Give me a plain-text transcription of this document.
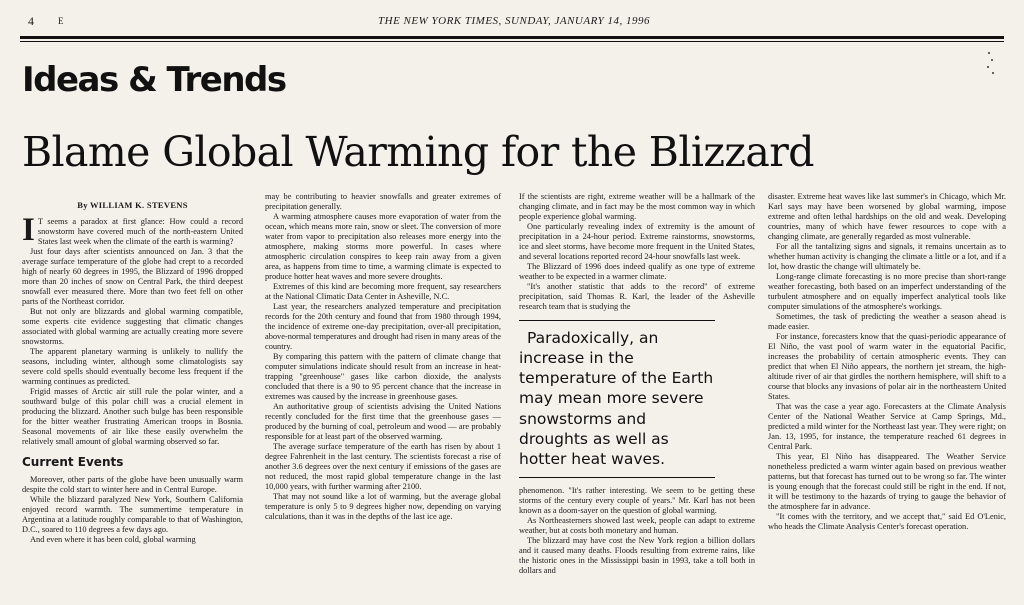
4	E	THE NEW YORK TIMES, SUNDAY, JANUARY 14, 1996
Ideas & Trends
Blame Global Warming for the Blizzard
By WILLIAM K. STEVENS

I T seems a paradox at first glance: How could a record snowstorm have covered much of the north-eastern United States last week when the climate of the earth is warming?

Just four days after scientists announced on Jan. 3 that the average surface temperature of the globe had crept to a recorded high of nearly 60 degrees in 1995, the Blizzard of 1996 dropped more than 20 inches of snow on Central Park, the third deepest snowfall ever measured there. More than two feet fell on other parts of the Northeast corridor.

But not only are blizzards and global warming compatible, some experts cite evidence suggesting that climatic changes associated with global warming are actually creating more severe snowstorms.

The apparent planetary warming is unlikely to nullify the seasons, including winter, although some climatologists say severe cold spells should eventually become less frequent if the warming continues as predicted.

Frigid masses of Arctic air still rule the polar winter, and a southward bulge of this polar chill was a crucial element in producing the blizzard. Another such bulge has been responsible for the bitter weather frustrating American troops in Bosnia. Seasonal movements of air like these easily overwhelm the relatively small amount of global warming observed so far.

Current Events

Moreover, other parts of the globe have been unusually warm despite the cold start to winter here and in Central Europe.

While the blizzard paralyzed New York, Southern California enjoyed record warmth. The summertime temperature in Argentina at a latitude roughly comparable to that of Washington, D.C., soared to 110 degrees a few days ago.

And even where it has been cold, global warming

may be contributing to heavier snowfalls and greater extremes of precipitation generally.

A warming atmosphere causes more evaporation of water from the ocean, which means more rain, snow or sleet. The conversion of more water from vapor to precipitation also releases more energy into the atmosphere, making storms more powerful. In cases where atmospheric circulation conspires to keep rain away from a given area, as happens from time to time, a warming climate is expected to produce hotter heat waves and more severe droughts.

Extremes of this kind are becoming more frequent, say researchers at the National Climatic Data Center in Asheville, N.C.

Last year, the researchers analyzed temperature and precipitation records for the 20th century and found that from 1980 through 1994, the incidence of extreme one-day precipitation, over-all precipitation, above-normal temperatures and drought had risen in many areas of the country.

By comparing this pattern with the pattern of climate change that computer simulations indicate should result from an increase in heat-trapping "greenhouse" gases like carbon dioxide, the analysts concluded that there is a 90 to 95 percent chance that the increase in extremes was caused by the increase in greenhouse gases.

An authoritative group of scientists advising the United Nations recently concluded for the first time that the greenhouse gases — produced by the burning of coal, petroleum and wood — are probably responsible for at least part of the observed warming.

The average surface temperature of the earth has risen by about 1 degree Fahrenheit in the last century. The scientists forecast a rise of another 3.6 degrees over the next century if emissions of the gases are not reduced, the most rapid global temperature change in the last 10,000 years, with further warming after 2100.

That may not sound like a lot of warming, but the average global temperature is only 5 to 9 degrees higher now, depending on varying calculations, than it was in the depths of the last ice age.

If the scientists are right, extreme weather will be a hallmark of the changing climate, and in fact may be the most common way in which people experience global warming.

One particularly revealing index of extremity is the amount of precipitation in a 24-hour period. Extreme rainstorms, snowstorms, ice and sleet storms, have become more frequent in the United States, and several locations reported record 24-hour snowfalls last week.

The Blizzard of 1996 does indeed qualify as one type of extreme weather to be expected in a warmer climate.

"It's another statistic that adds to the record" of extreme precipitation, said Thomas R. Karl, the leader of the Asheville research team that is studying the

Paradoxically, an increase in the temperature of the Earth may mean more severe snowstorms and droughts as well as hotter heat waves.

phenomenon. "It's rather interesting. We seem to be getting these storms of the century every couple of years." Mr. Karl has not been known as a doom-sayer on the question of global warming.

As Northeasterners showed last week, people can adapt to extreme weather, but at costs both monetary and human.

The blizzard may have cost the New York region a billion dollars and it caused many deaths. Floods resulting from extreme rains, like the historic ones in the Mississippi basin in 1993, take a toll both in dollars and

disaster. Extreme heat waves like last summer's in Chicago, which Mr. Karl says may have been worsened by global warming, impose extreme and often lethal hardships on the old and weak. Developing countries, many of which have fewer resources to cope with a changing climate, are generally regarded as most vulnerable.

For all the tantalizing signs and signals, it remains uncertain as to whether human activity is changing the climate a little or a lot, and if a lot, how drastic the change will ultimately be.

Long-range climate forecasting is no more precise than short-range weather forecasting, both based on an imperfect understanding of the turbulent atmosphere and on equally imperfect analytical tools like computer simulations of the atmosphere's workings.

Sometimes, the task of predicting the weather a season ahead is made easier.

For instance, forecasters know that the quasi-periodic appearance of El Niño, the vast pool of warm water in the equatorial Pacific, increases the probability of certain atmospheric events. They can predict that when El Niño appears, the northern jet stream, the high-altitude river of air that girdles the northern hemisphere, will shift to a course that blocks any invasions of polar air in the northeastern United States.

That was the case a year ago. Forecasters at the Climate Analysis Center of the National Weather Service at Camp Springs, Md., predicted a mild winter for the Northeast last year. They were right; on Jan. 13, 1995, for instance, the temperature reached 61 degrees in Central Park.

This year, El Niño has disappeared. The Weather Service nonetheless predicted a warm winter again based on previous weather patterns, but that forecast has turned out to be wrong so far. The winter is young enough that the forecast could still be right in the end. If not, it will be testimony to the hazards of trying to gauge the behavior of the atmosphere far in advance.

"It comes with the territory, and we accept that," said Ed O'Lenic, who heads the Climate Analysis Center's forecast operation.
